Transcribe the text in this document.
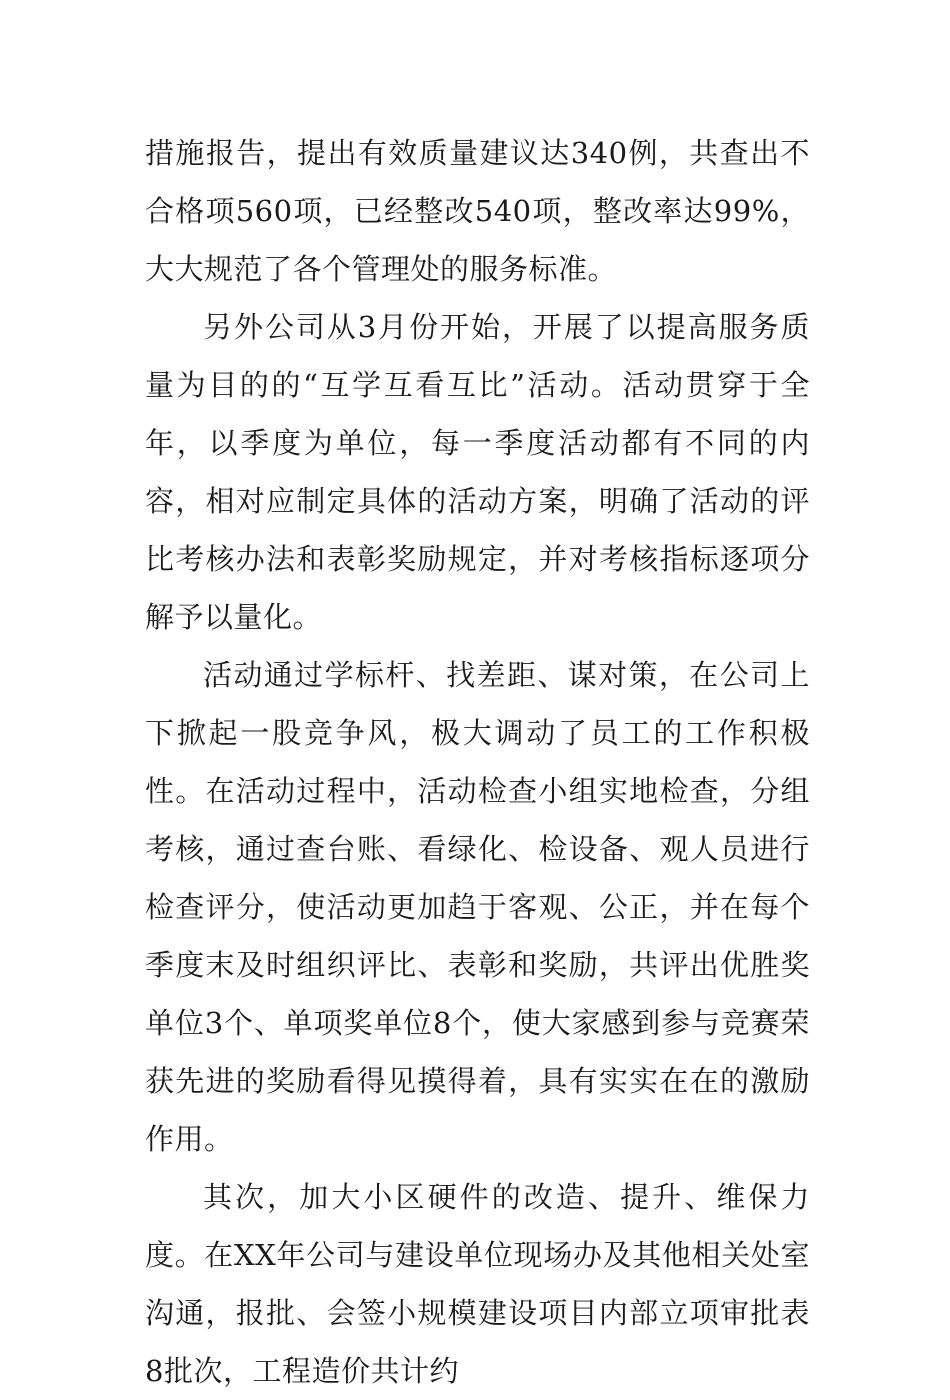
措施报告，提出有效质量建议达340例，共查出不合格项560项，已经整改540项，整改率达99%，大大规范了各个管理处的服务标准。

另外公司从3月份开始，开展了以提高服务质量为目的的“互学互看互比”活动。活动贯穿于全年，以季度为单位，每一季度活动都有不同的内容，相对应制定具体的活动方案，明确了活动的评比考核办法和表彰奖励规定，并对考核指标逐项分解予以量化。

活动通过学标杆、找差距、谋对策，在公司上下掀起一股竞争风，极大调动了员工的工作积极性。在活动过程中，活动检查小组实地检查，分组考核，通过查台账、看绿化、检设备、观人员进行检查评分，使活动更加趋于客观、公正，并在每个季度末及时组织评比、表彰和奖励，共评出优胜奖单位3个、单项奖单位8个，使大家感到参与竞赛荣获先进的奖励看得见摸得着，具有实实在在的激励作用。

其次，加大小区硬件的改造、提升、维保力度。在XX年公司与建设单位现场办及其他相关处室沟通，报批、会签小规模建设项目内部立项审批表8批次，工程造价共计约
